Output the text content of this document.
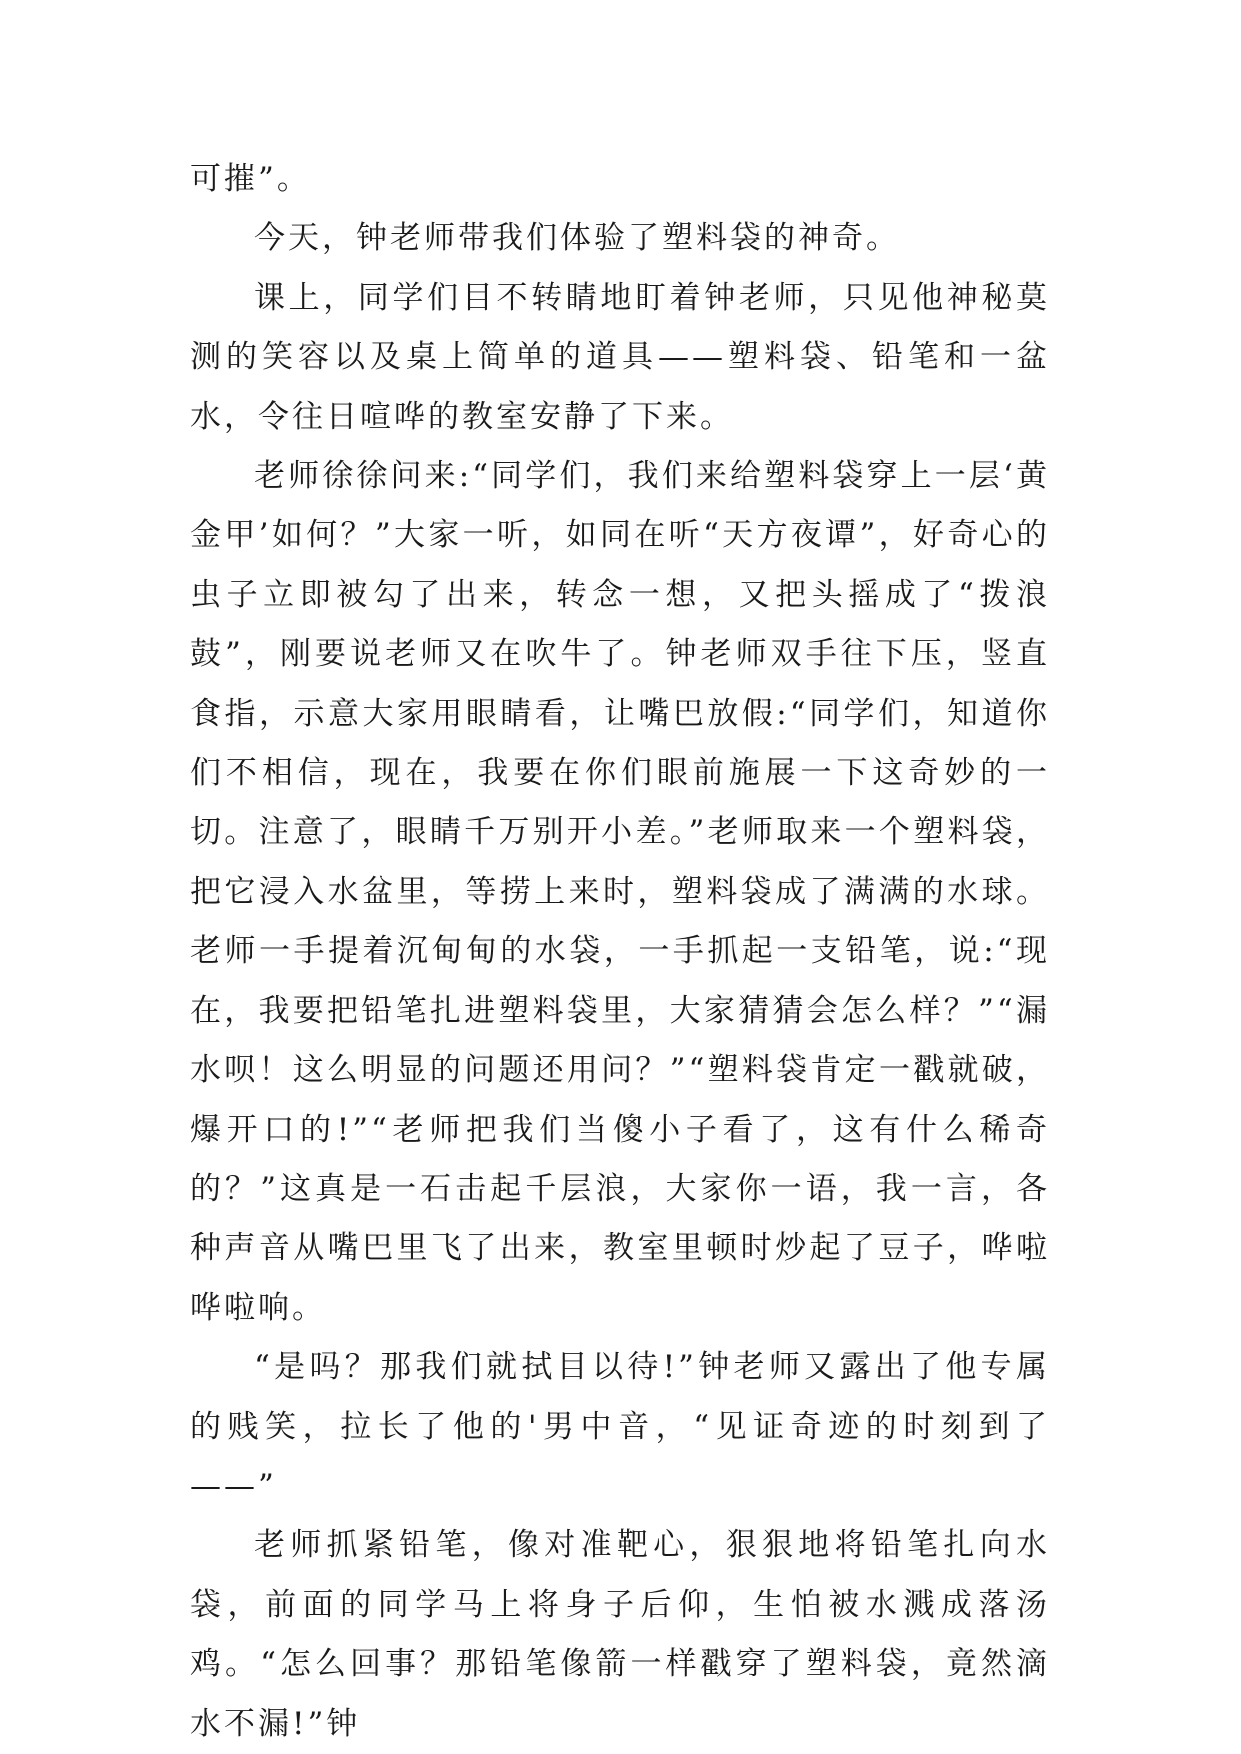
可摧”。

今天，钟老师带我们体验了塑料袋的神奇。

课上，同学们目不转睛地盯着钟老师，只见他神秘莫测的笑容以及桌上简单的道具——塑料袋、铅笔和一盆水，令往日喧哗的教室安静了下来。

老师徐徐问来:“同学们，我们来给塑料袋穿上一层‘黄金甲’如何？”大家一听，如同在听“天方夜谭”，好奇心的虫子立即被勾了出来，转念一想，又把头摇成了“拨浪鼓”，刚要说老师又在吹牛了。钟老师双手往下压，竖直食指，示意大家用眼睛看，让嘴巴放假:“同学们，知道你们不相信，现在，我要在你们眼前施展一下这奇妙的一切。注意了，眼睛千万别开小差。”老师取来一个塑料袋，把它浸入水盆里，等捞上来时，塑料袋成了满满的水球。老师一手提着沉甸甸的水袋，一手抓起一支铅笔，说:“现在，我要把铅笔扎进塑料袋里，大家猜猜会怎么样？”“漏水呗！这么明显的问题还用问？”“塑料袋肯定一戳就破，爆开口的!”“老师把我们当傻小子看了，这有什么稀奇的？”这真是一石击起千层浪，大家你一语，我一言，各种声音从嘴巴里飞了出来，教室里顿时炒起了豆子，哗啦哗啦响。

“是吗？那我们就拭目以待!”钟老师又露出了他专属的贱笑，拉长了他的'男中音，“见证奇迹的时刻到了——”

老师抓紧铅笔，像对准靶心，狠狠地将铅笔扎向水袋，前面的同学马上将身子后仰，生怕被水溅成落汤鸡。“怎么回事？那铅笔像箭一样戳穿了塑料袋，竟然滴水不漏!”钟
